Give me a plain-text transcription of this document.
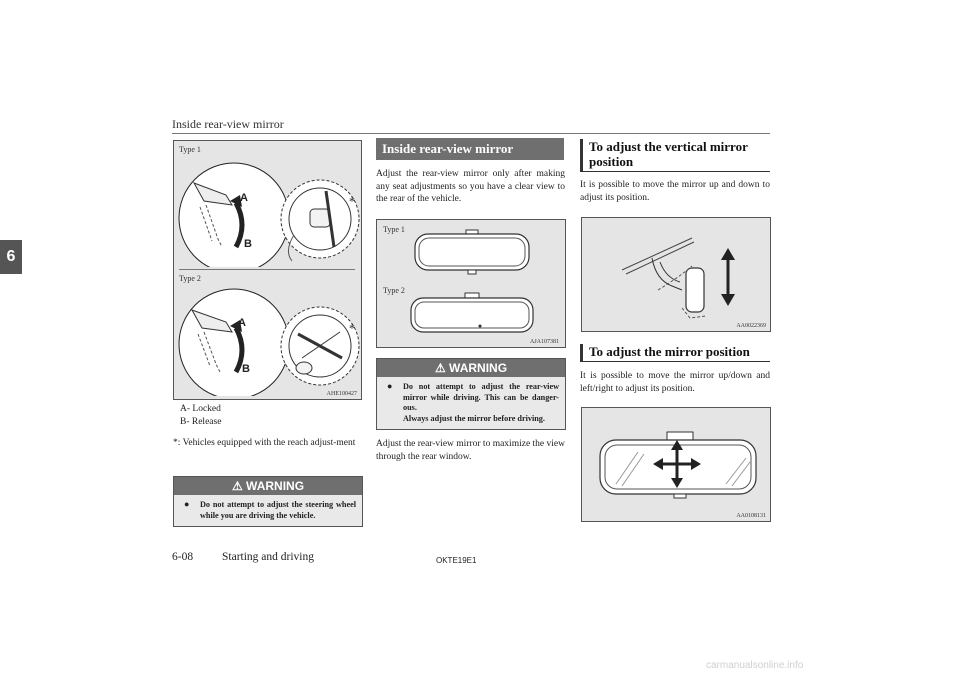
Inside rear-view mirror
6
Type 1
A
B
*
Type 2
A
B
*
AHE100427
A- Locked
B- Release
*: Vehicles equipped with the reach adjust-ment
⚠ WARNING
● Do not attempt to adjust the steering wheel while you are driving the vehicle.
Inside rear-view mirror
Adjust the rear-view mirror only after making any seat adjustments so you have a clear view to the rear of the vehicle.
Type 1
Type 2
AJA107381
⚠ WARNING
● Do not attempt to adjust the rear-view mirror while driving. This can be danger-ous.
Always adjust the mirror before driving.
Adjust the rear-view mirror to maximize the view through the rear window.
To adjust the vertical mirror position
It is possible to move the mirror up and down to adjust its position.
AA0022369
To adjust the mirror position
It is possible to move the mirror up/down and left/right to adjust its position.
AA0108131
6-08	Starting and driving	OKTE19E1
carmanualsonline.info
